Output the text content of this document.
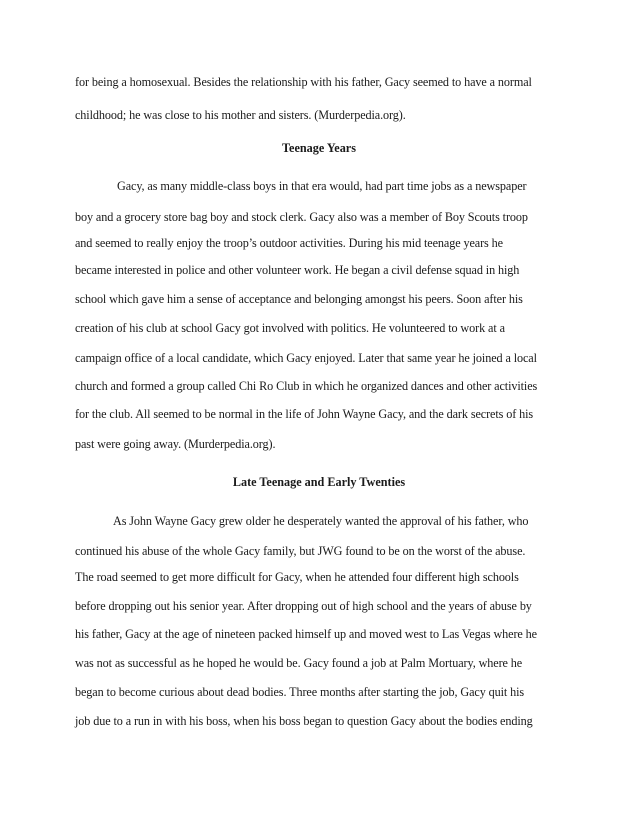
for being a homosexual. Besides the relationship with his father, Gacy seemed to have a normal
childhood; he was close to his mother and sisters. (Murderpedia.org).
Teenage Years
Gacy, as many middle-class boys in that era would, had part time jobs as a newspaper
boy and a grocery store bag boy and stock clerk. Gacy also was a member of Boy Scouts troop
and seemed to really enjoy the troop’s outdoor activities. During his mid teenage years he
became interested in police and other volunteer work. He began a civil defense squad in high
school which gave him a sense of acceptance and belonging amongst his peers. Soon after his
creation of his club at school Gacy got involved with politics. He volunteered to work at a
campaign office of a local candidate, which Gacy enjoyed. Later that same year he joined a local
church and formed a group called Chi Ro Club in which he organized dances and other activities
for the club. All seemed to be normal in the life of John Wayne Gacy, and the dark secrets of his
past were going away. (Murderpedia.org).
Late Teenage and Early Twenties
As John Wayne Gacy grew older he desperately wanted the approval of his father, who
continued his abuse of the whole Gacy family, but JWG found to be on the worst of the abuse.
The road seemed to get more difficult for Gacy, when he attended four different high schools
before dropping out his senior year. After dropping out of high school and the years of abuse by
his father, Gacy at the age of nineteen packed himself up and moved west to Las Vegas where he
was not as successful as he hoped he would be. Gacy found a job at Palm Mortuary, where he
began to become curious about dead bodies. Three months after starting the job, Gacy quit his
job due to a run in with his boss, when his boss began to question Gacy about the bodies ending
